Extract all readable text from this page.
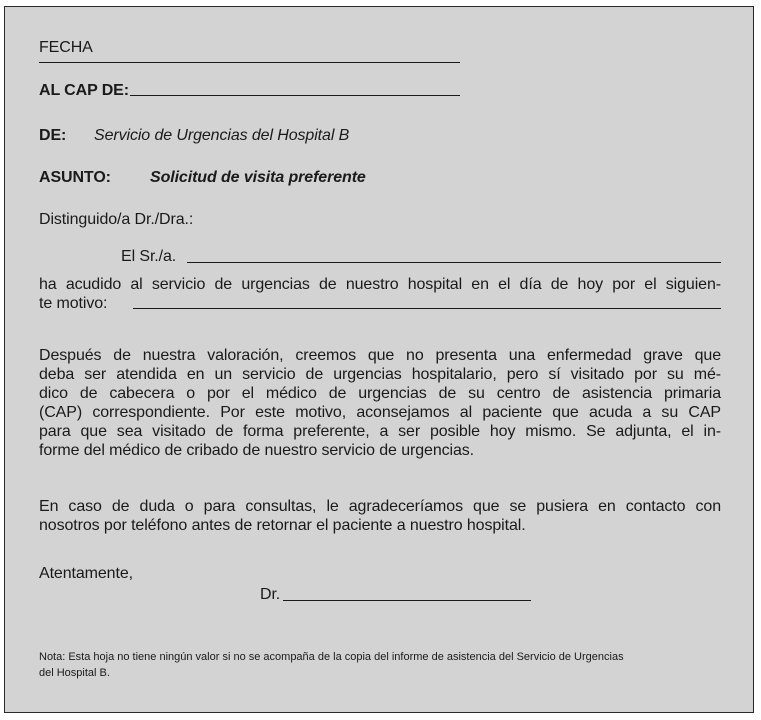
FECHA
AL CAP DE:
DE: Servicio de Urgencias del Hospital B
ASUNTO: Solicitud de visita preferente
Distinguido/a Dr./Dra.:
El Sr./a.
ha acudido al servicio de urgencias de nuestro hospital en el día de hoy por el siguien-
te motivo:
Después de nuestra valoración, creemos que no presenta una enfermedad grave que
deba ser atendida en un servicio de urgencias hospitalario, pero sí visitado por su mé-
dico de cabecera o por el médico de urgencias de su centro de asistencia primaria
(CAP) correspondiente. Por este motivo, aconsejamos al paciente que acuda a su CAP
para que sea visitado de forma preferente, a ser posible hoy mismo. Se adjunta, el in-
forme del médico de cribado de nuestro servicio de urgencias.
En caso de duda o para consultas, le agradeceríamos que se pusiera en contacto con
nosotros por teléfono antes de retornar el paciente a nuestro hospital.
Atentamente,
Dr.
Nota: Esta hoja no tiene ningún valor si no se acompaña de la copia del informe de asistencia del Servicio de Urgencias
del Hospital B.
